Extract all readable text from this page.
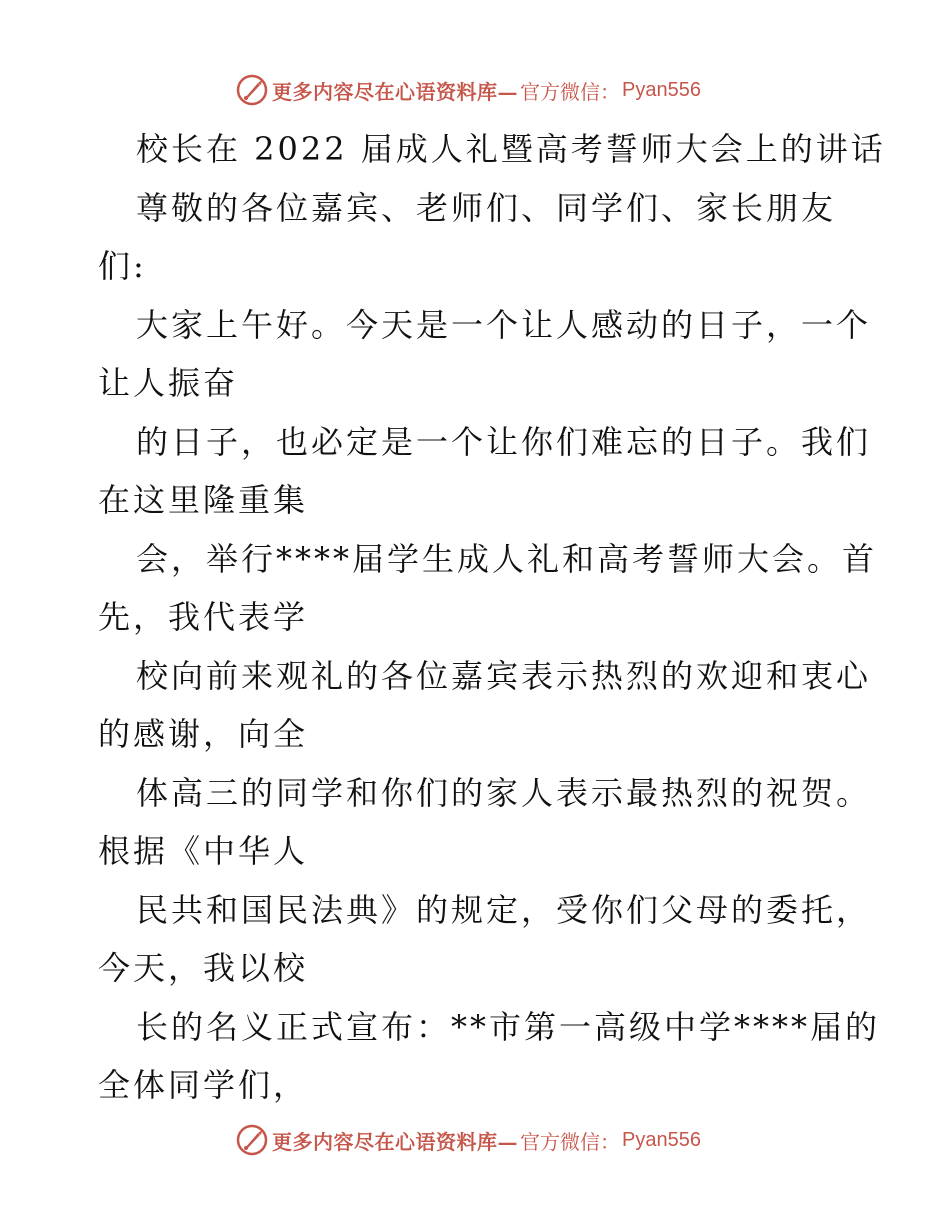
更多内容尽在心语资料库— 官方微信： Pyan556
校长在 2022 届成人礼暨高考誓师大会上的讲话
尊敬的各位嘉宾、老师们、同学们、家长朋友
们:
大家上午好。今天是一个让人感动的日子，一个
让人振奋
的日子，也必定是一个让你们难忘的日子。我们
在这里隆重集
会，举行****届学生成人礼和高考誓师大会。首
先，我代表学
校向前来观礼的各位嘉宾表示热烈的欢迎和衷心
的感谢，向全
体高三的同学和你们的家人表示最热烈的祝贺。
根据《中华人
民共和国民法典》的规定，受你们父母的委托，
今天，我以校
长的名义正式宣布：**市第一高级中学****届的
全体同学们，
更多内容尽在心语资料库— 官方微信： Pyan556
